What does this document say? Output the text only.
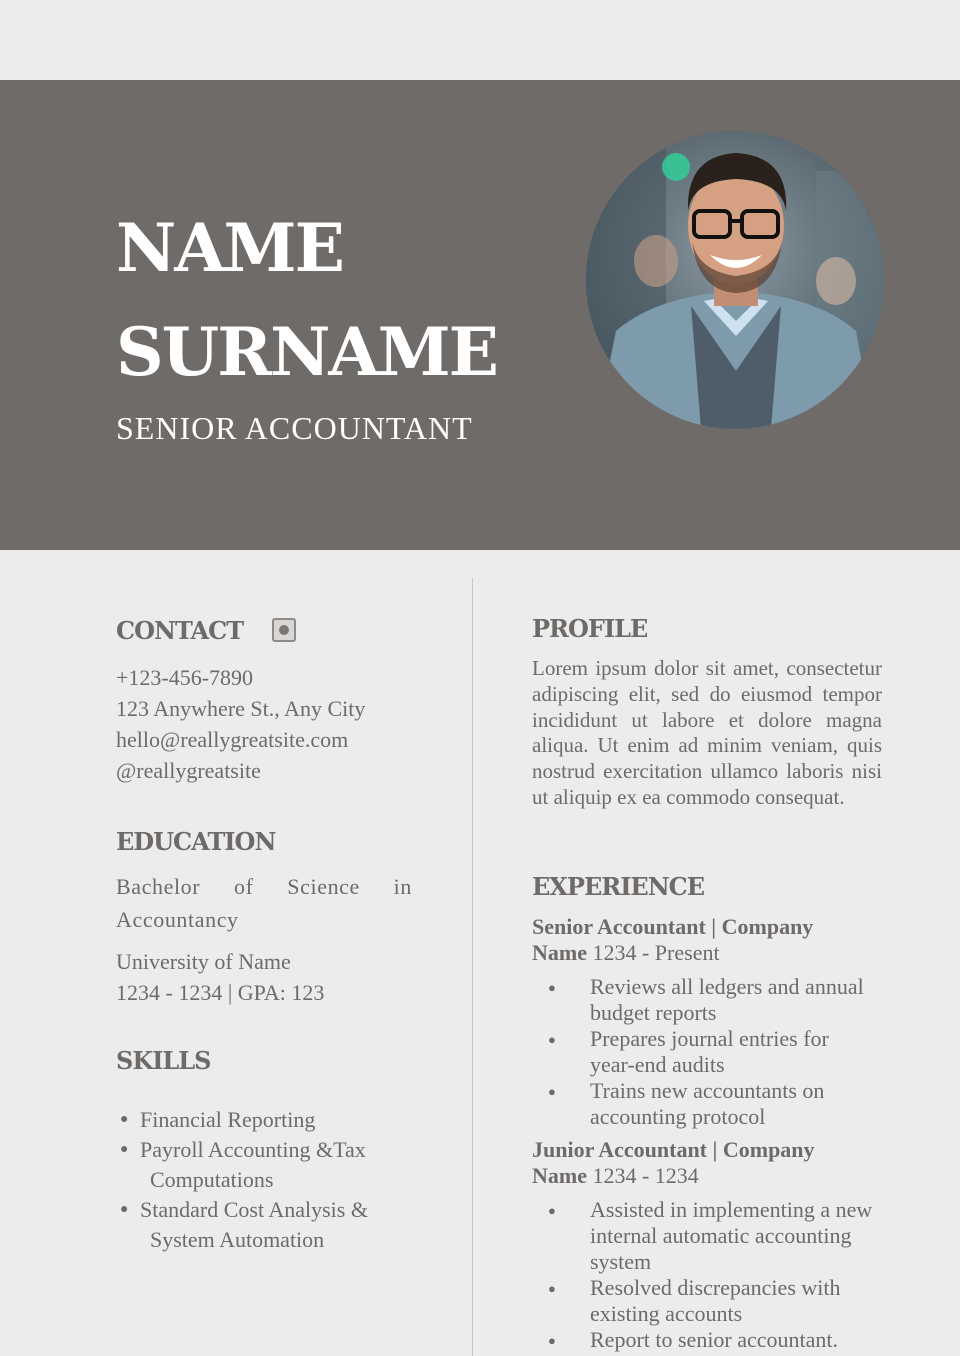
NAME
SURNAME
SENIOR ACCOUNTANT
CONTACT
+123-456-7890
123 Anywhere St., Any City
hello@reallygreatsite.com
@reallygreatsite
EDUCATION
Bachelor of Science in Accountancy
University of Name
1234 - 1234 | GPA: 123
SKILLS
● Financial Reporting
● Payroll Accounting &Tax
Computations
● Standard Cost Analysis &
System Automation
PROFILE
Lorem ipsum dolor sit amet, consectetur adipiscing elit, sed do eiusmod tempor incididunt ut labore et dolore magna aliqua. Ut enim ad minim veniam, quis nostrud exercitation ullamco laboris nisi ut aliquip ex ea commodo consequat.
EXPERIENCE
Senior Accountant | Company Name 1234 - Present
● Reviews all ledgers and annual budget reports
● Prepares journal entries for year-end audits
● Trains new accountants on accounting protocol
Junior Accountant | Company Name 1234 - 1234
● Assisted in implementing a new internal automatic accounting system
● Resolved discrepancies with existing accounts
● Report to senior accountant.
